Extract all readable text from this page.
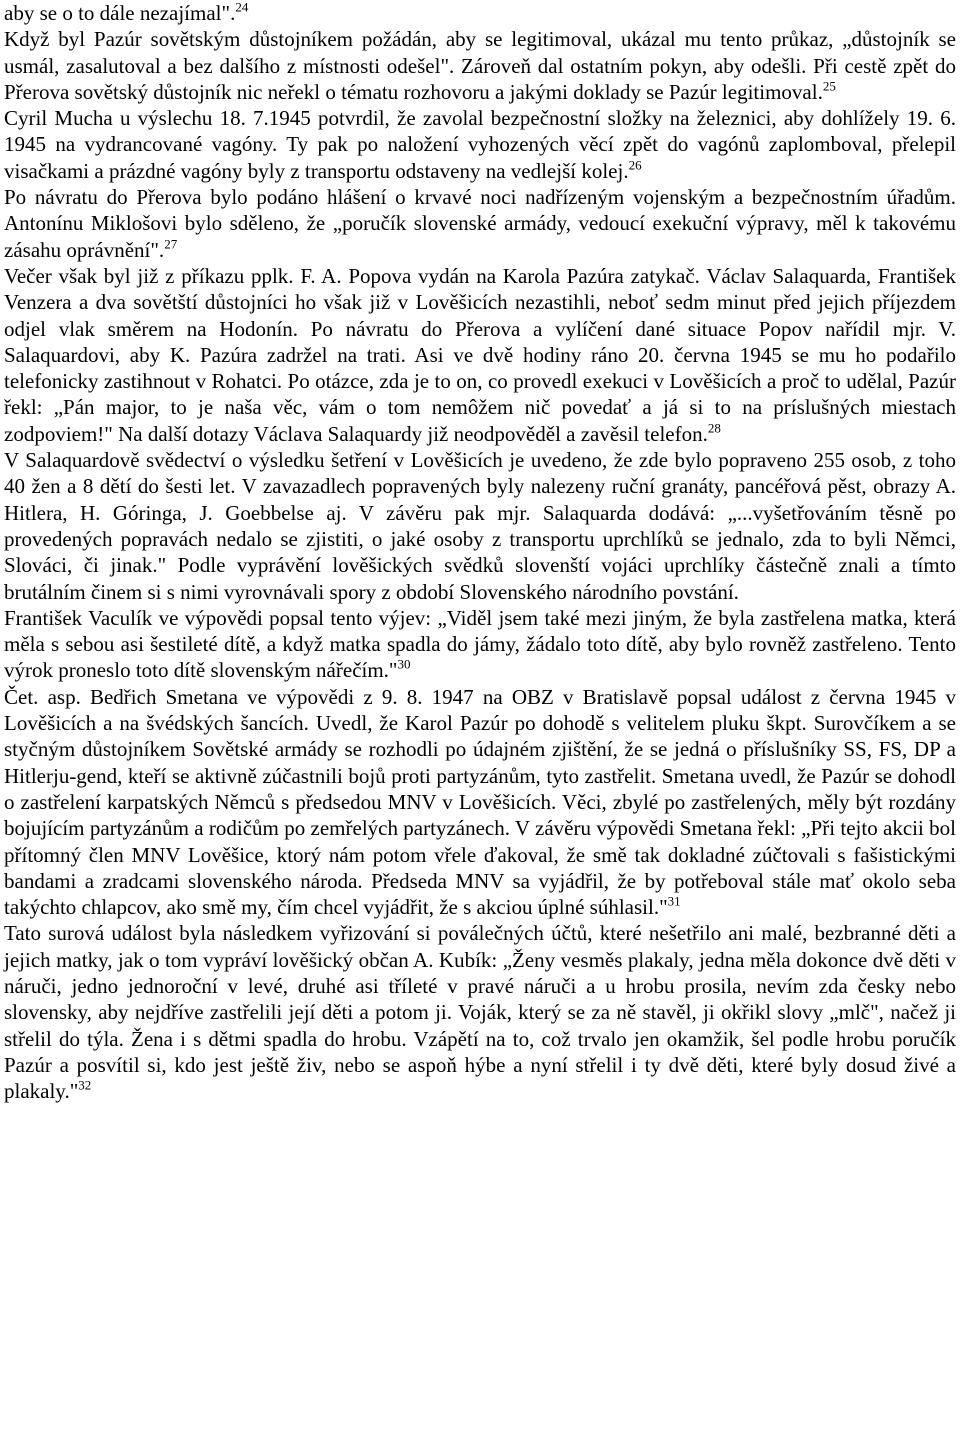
aby se o to dále nezajímal".$^{24}$

Když byl Pazúr sovětským důstojníkem požádán, aby se legitimoval, ukázal mu tento průkaz, „důstojník se usmál, zasalutoval a bez dalšího z místnosti odešel". Zároveň dal ostatním pokyn, aby odešli. Při cestě zpět do Přerova sovětský důstojník nic neřekl o tématu rozhovoru a jakými doklady se Pazúr legitimoval.$^{25}$

Cyril Mucha u výslechu 18. 7.1945 potvrdil, že zavolal bezpečnostní složky na železnici, aby dohlížely 19. 6. 1945 na vydrancované vagóny. Ty pak po naložení vyhozených věcí zpět do vagónů zaplomboval, přelepil visačkami a prázdné vagóny byly z transportu odstaveny na vedlejší kolej.$^{26}$

Po návratu do Přerova bylo podáno hlášení o krvavé noci nadřízeným vojenským a bezpečnostním úřadům. Antonínu Miklošovi bylo sděleno, že „poručík slovenské armády, vedoucí exekuční výpravy, měl k takovému zásahu oprávnění".$^{27}$

Večer však byl již z příkazu pplk. F. A. Popova vydán na Karola Pazúra zatykač. Václav Salaquarda, František Venzera a dva sovětští důstojníci ho však již v Lověšicích nezastihli, neboť sedm minut před jejich příjezdem odjel vlak směrem na Hodonín. Po návratu do Přerova a vylíčení dané situace Popov nařídil mjr. V. Salaquardovi, aby K. Pazúra zadržel na trati. Asi ve dvě hodiny ráno 20. června 1945 se mu ho podařilo telefonicky zastihnout v Rohatci. Po otázce, zda je to on, co provedl exekuci v Lověšicích a proč to udělal, Pazúr řekl: „Pán major, to je naša věc, vám o tom nemôžem nič povedať a já si to na príslušných miestach zodpoviem!" Na další dotazy Václava Salaquardy již neodpověděl a zavěsil telefon.$^{28}$

V Salaquardově svědectví o výsledku šetření v Lověšicích je uvedeno, že zde bylo popraveno 255 osob, z toho 40 žen a 8 dětí do šesti let. V zavazadlech popravených byly nalezeny ruční granáty, pancéřová pěst, obrazy A. Hitlera, H. Góringa, J. Goebbelse aj. V závěru pak mjr. Salaquarda dodává: „...vyšetřováním těsně po provedených popravách nedalo se zjistiti, o jaké osoby z transportu uprchlíků se jednalo, zda to byli Němci, Slováci, či jinak." Podle vyprávění lověšických svědků slovenští vojáci uprchlíky částečně znali a tímto brutálním činem si s nimi vyrovnávali spory z období Slovenského národního povstání.

František Vaculík ve výpovědi popsal tento výjev: „Viděl jsem také mezi jiným, že byla zastřelena matka, která měla s sebou asi šestileté dítě, a když matka spadla do jámy, žádalo toto dítě, aby bylo rovněž zastřeleno. Tento výrok proneslo toto dítě slovenským nářečím."$^{30}$

Čet. asp. Bedřich Smetana ve výpovědi z 9. 8. 1947 na OBZ v Bratislavě popsal událost z června 1945 v Lověšicích a na švédských šancích. Uvedl, že Karol Pazúr po dohodě s velitelem pluku škpt. Surovčíkem a se styčným důstojníkem Sovětské armády se rozhodli po údajném zjištění, že se jedná o příslušníky SS, FS, DP a Hitlerju-gend, kteří se aktivně zúčastnili bojů proti partyzánům, tyto zastřelit. Smetana uvedl, že Pazúr se dohodl o zastřelení karpatských Němců s předsedou MNV v Lověšicích. Věci, zbylé po zastřelených, měly být rozdány bojujícím partyzánům a rodičům po zemřelých partyzánech. V závěru výpovědi Smetana řekl: „Při tejto akcii bol přítomný člen MNV Lověšice, ktorý nám potom vřele ďakoval, že smě tak dokladné zúčtovali s fašistickými bandami a zradcami slovenského národa. Předseda MNV sa vyjádřil, že by potřeboval stále mať okolo seba takýchto chlapcov, ako smě my, čím chcel vyjádřit, že s akciou úplné súhlasil."$^{31}$

Tato surová událost byla následkem vyřizování si poválečných účtů, které nešetřilo ani malé, bezbranné děti a jejich matky, jak o tom vypráví lověšický občan A. Kubík: „Ženy vesměs plakaly, jedna měla dokonce dvě děti v náruči, jedno jednoroční v levé, druhé asi tříleté v pravé náruči a u hrobu prosila, nevím zda česky nebo slovensky, aby nejdříve zastřelili její děti a potom ji. Voják, který se za ně stavěl, ji okřikl slovy „mlč", načež ji střelil do týla. Žena i s dětmi spadla do hrobu. Vzápětí na to, což trvalo jen okamžik, šel podle hrobu poručík Pazúr a posvítil si, kdo jest ještě živ, nebo se aspoň hýbe a nyní střelil i ty dvě děti, které byly dosud živé a plakaly."$^{32}$
